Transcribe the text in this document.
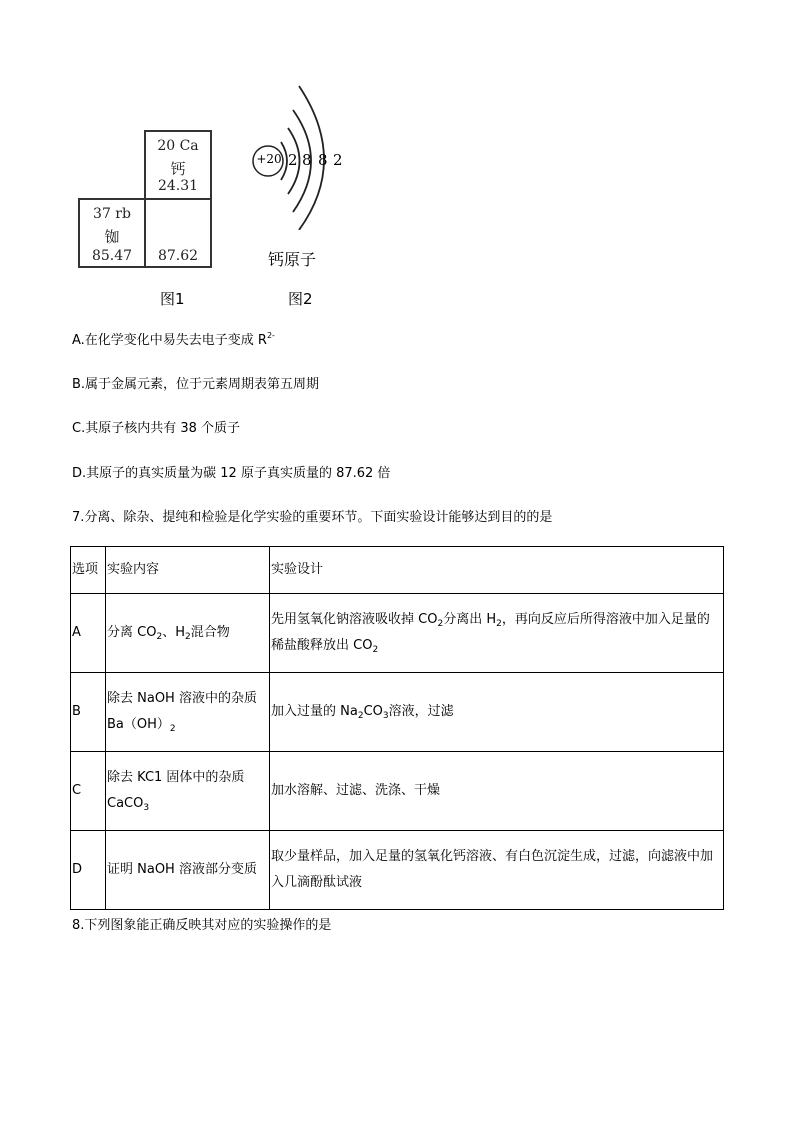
20 Ca
钙
24.31
37 rb
铷
85.47	87.62
图1
+20 2 8 8 2
钙原子
图2
A.在化学变化中易失去电子变成 $R^{2-}$
B.属于金属元素，位于元素周期表第五周期
C.其原子核内共有 38 个质子
D.其原子的真实质量为碳 12 原子真实质量的 87.62 倍
7.分离、除杂、提纯和检验是化学实验的重要环节。下面实验设计能够达到目的的是
选项	实验内容	实验设计
A	分离 $CO_2$、$H_2$混合物	先用氢氧化钠溶液吸收掉 $CO_2$分离出 $H_2$，再向反应后所得溶液中加入足量的稀盐酸释放出 $CO_2$
B	除去 NaOH 溶液中的杂质 $Ba(OH)_2$	加入过量的 $Na_2CO_3$溶液，过滤
C	除去 KC1 固体中的杂质 CaCO$_3$	加水溶解、过滤、洗涤、干燥
D	证明 NaOH 溶液部分变质	取少量样品，加入足量的氢氧化钙溶液、有白色沉淀生成，过滤，向滤液中加入几滴酚酞试液
8.下列图象能正确反映其对应的实验操作的是
